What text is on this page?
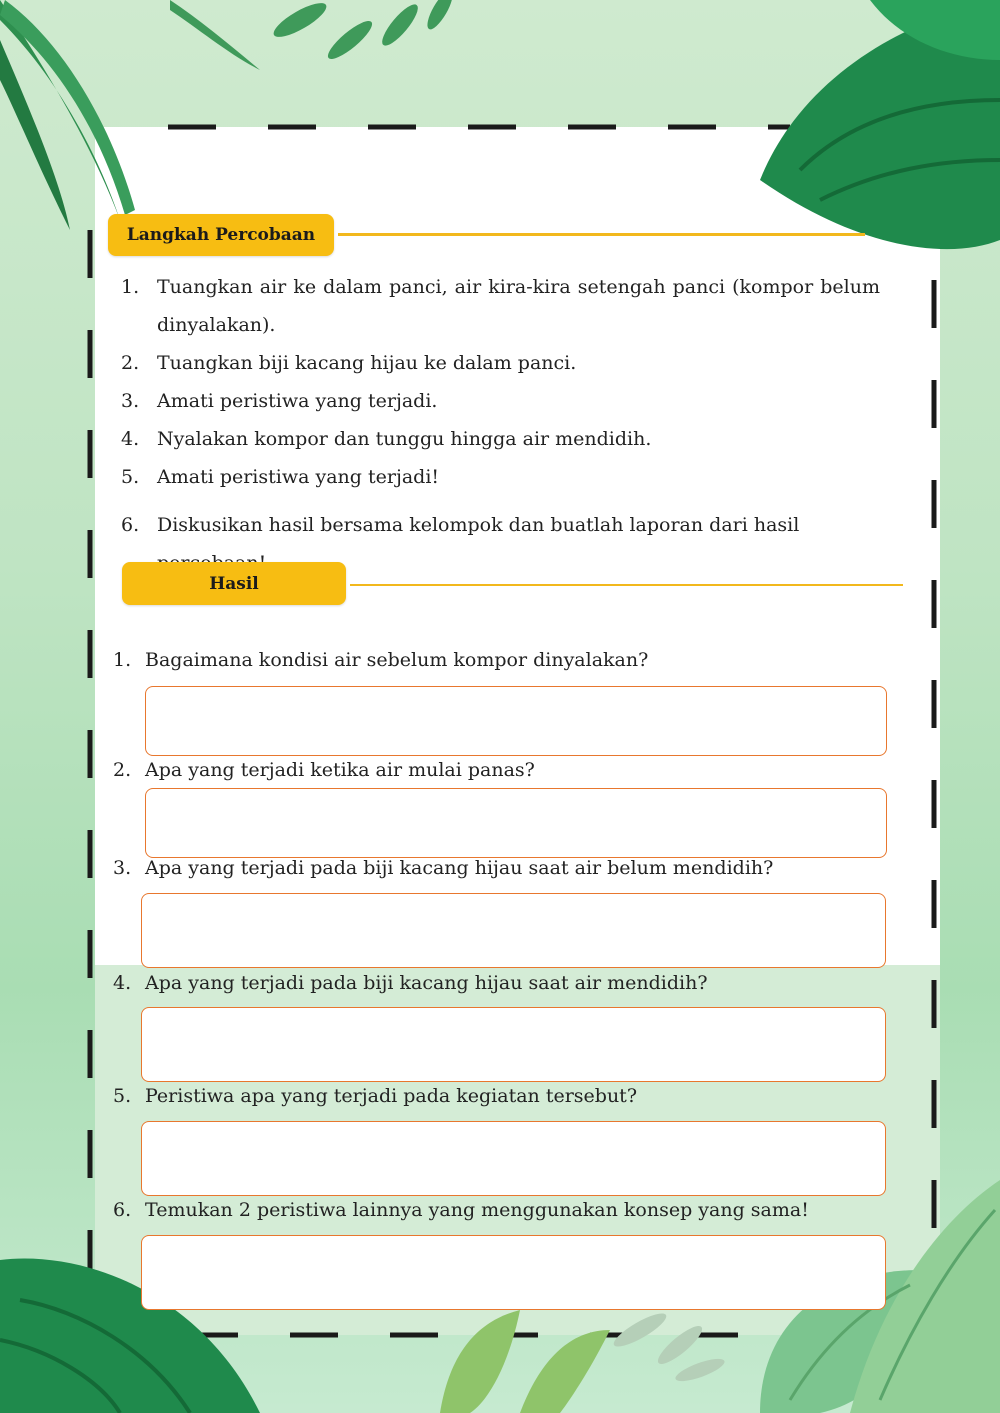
Langkah Percobaan
1. Tuangkan air ke dalam panci, air kira-kira setengah panci (kompor belum dinyalakan).
2. Tuangkan biji kacang hijau ke dalam panci.
3. Amati peristiwa yang terjadi.
4. Nyalakan kompor dan tunggu hingga air mendidih.
5. Amati peristiwa yang terjadi!
6. Diskusikan hasil bersama kelompok dan buatlah laporan dari hasil
Hasil
1. Bagaimana kondisi air sebelum kompor dinyalakan?
2. Apa yang terjadi ketika air mulai panas?
3. Apa yang terjadi pada biji kacang hijau saat air belum mendidih?
4. Apa yang terjadi pada biji kacang hijau saat air mendidih?
5. Peristiwa apa yang terjadi pada kegiatan tersebut?
6. Temukan 2 peristiwa lainnya yang menggunakan konsep yang sama!
